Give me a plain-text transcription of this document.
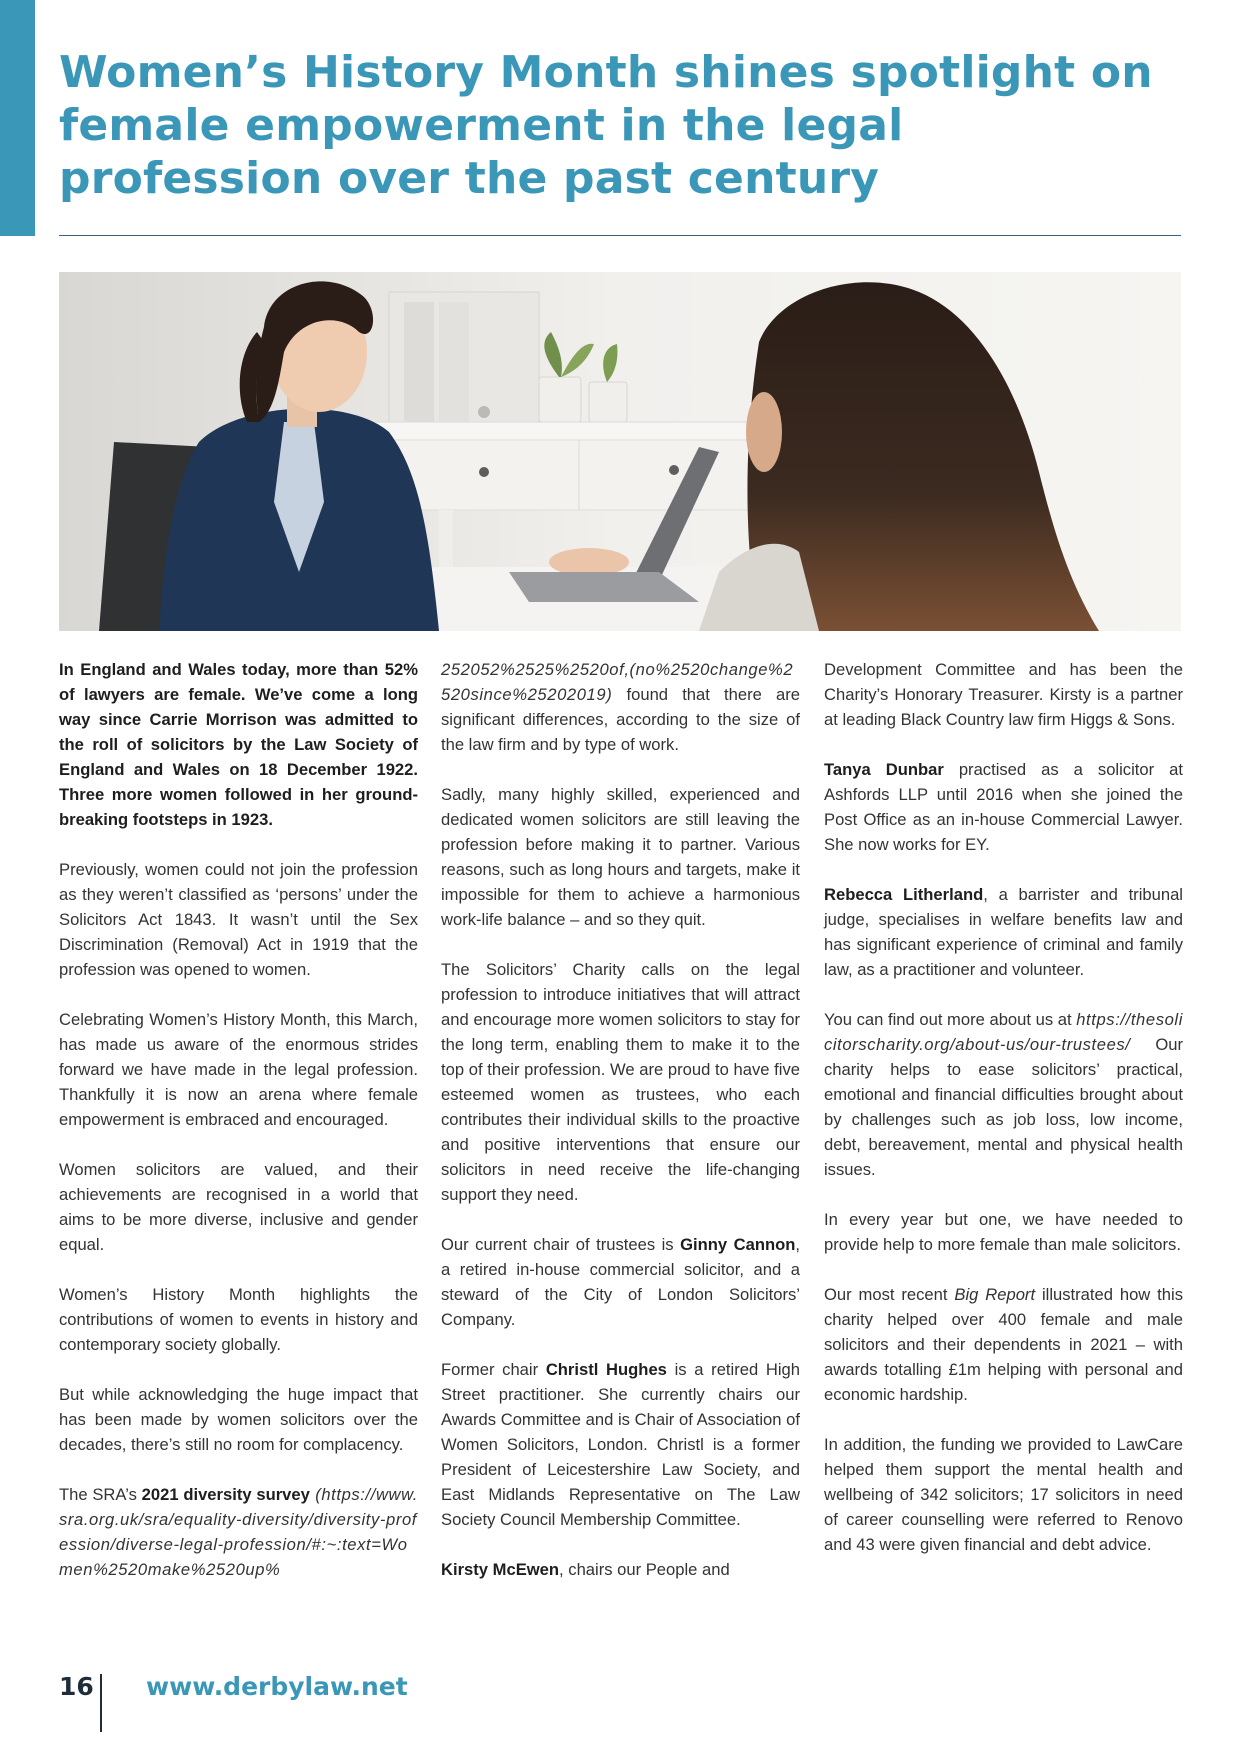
Women’s History Month shines spotlight on female empowerment in the legal profession over the past century

In England and Wales today, more than 52% of lawyers are female. We’ve come a long way since Carrie Morrison was admitted to the roll of solicitors by the Law Society of England and Wales on 18 December 1922. Three more women followed in her ground-breaking footsteps in 1923.

Previously, women could not join the profession as they weren’t classified as ‘persons’ under the Solicitors Act 1843. It wasn’t until the Sex Discrimination (Removal) Act in 1919 that the profession was opened to women.

Celebrating Women’s History Month, this March, has made us aware of the enormous strides forward we have made in the legal profession. Thankfully it is now an arena where female empowerment is embraced and encouraged.

Women solicitors are valued, and their achievements are recognised in a world that aims to be more diverse, inclusive and gender equal.

Women’s History Month highlights the contributions of women to events in history and contemporary society globally.

But while acknowledging the huge impact that has been made by women solicitors over the decades, there’s still no room for complacency.

The SRA’s 2021 diversity survey (https://www.sra.org.uk/sra/equality-diversity/diversity-profession/diverse-legal-profession/#:~:text=Women%2520make%2520up%

252052%2525%2520of,(no%2520change%2520since%25202019) found that there are significant differences, according to the size of the law firm and by type of work.

Sadly, many highly skilled, experienced and dedicated women solicitors are still leaving the profession before making it to partner. Various reasons, such as long hours and targets, make it impossible for them to achieve a harmonious work-life balance – and so they quit.

The Solicitors’ Charity calls on the legal profession to introduce initiatives that will attract and encourage more women solicitors to stay for the long term, enabling them to make it to the top of their profession. We are proud to have five esteemed women as trustees, who each contributes their individual skills to the proactive and positive interventions that ensure our solicitors in need receive the life-changing support they need.

Our current chair of trustees is Ginny Cannon, a retired in-house commercial solicitor, and a steward of the City of London Solicitors’ Company.

Former chair Christl Hughes is a retired High Street practitioner. She currently chairs our Awards Committee and is Chair of Association of Women Solicitors, London. Christl is a former President of Leicestershire Law Society, and East Midlands Representative on The Law Society Council Membership Committee.

Kirsty McEwen, chairs our People and

Development Committee and has been the Charity’s Honorary Treasurer. Kirsty is a partner at leading Black Country law firm Higgs & Sons.

Tanya Dunbar practised as a solicitor at Ashfords LLP until 2016 when she joined the Post Office as an in-house Commercial Lawyer. She now works for EY.

Rebecca Litherland, a barrister and tribunal judge, specialises in welfare benefits law and has significant experience of criminal and family law, as a practitioner and volunteer.

You can find out more about us at https://thesolicitorscharity.org/about-us/our-trustees/ Our charity helps to ease solicitors’ practical, emotional and financial difficulties brought about by challenges such as job loss, low income, debt, bereavement, mental and physical health issues.

In every year but one, we have needed to provide help to more female than male solicitors.

Our most recent Big Report illustrated how this charity helped over 400 female and male solicitors and their dependents in 2021 – with awards totalling £1m helping with personal and economic hardship.

In addition, the funding we provided to LawCare helped them support the mental health and wellbeing of 342 solicitors; 17 solicitors in need of career counselling were referred to Renovo and 43 were given financial and debt advice.

16 www.derbylaw.net
